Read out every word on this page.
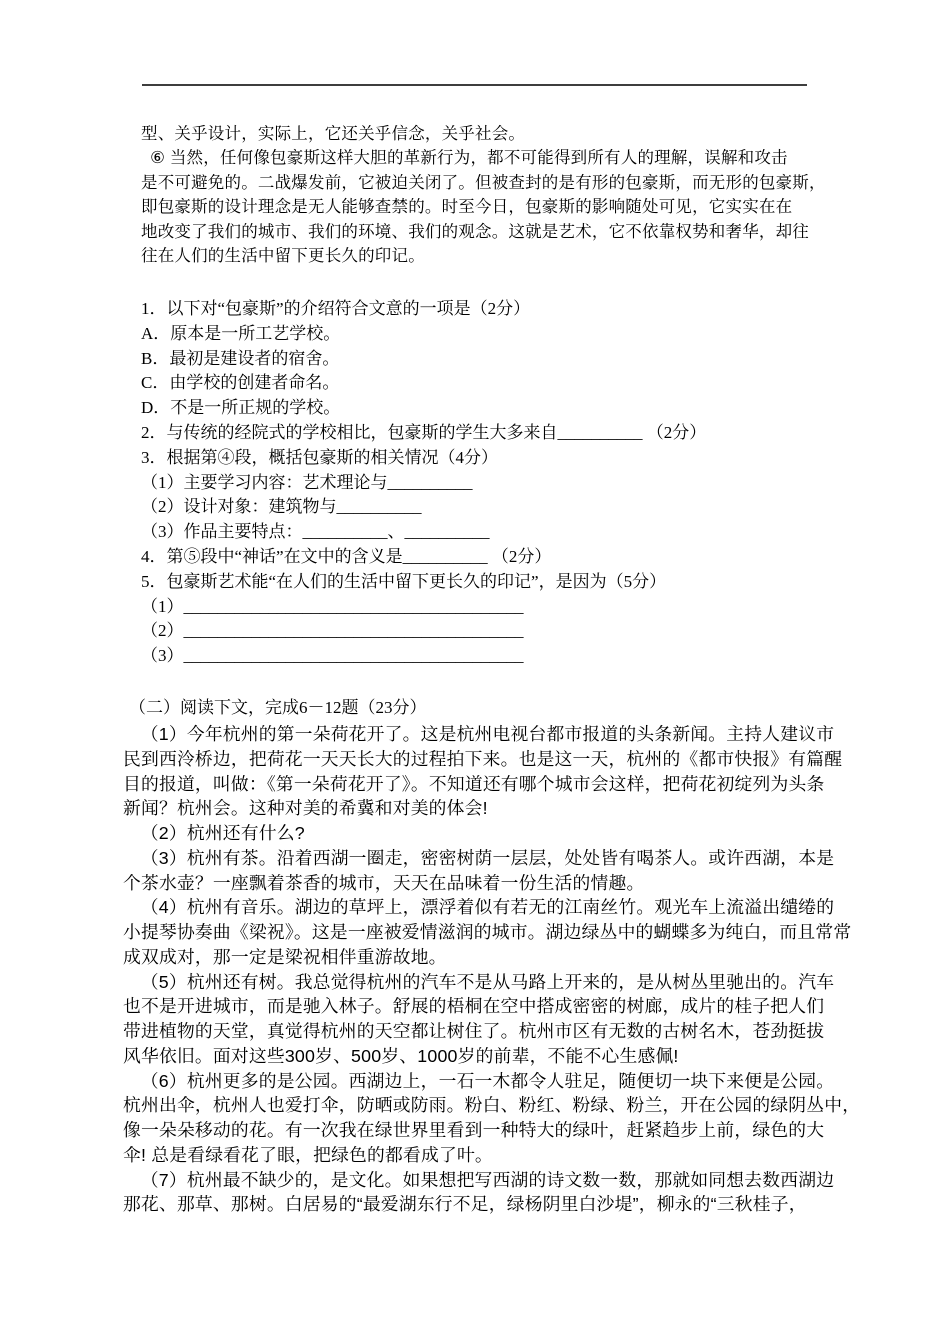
型、关乎设计，实际上，它还关乎信念，关乎社会。
⑥ 当然，任何像包豪斯这样大胆的革新行为，都不可能得到所有人的理解，误解和攻击
是不可避免的。二战爆发前，它被迫关闭了。但被查封的是有形的包豪斯，而无形的包豪斯，
即包豪斯的设计理念是无人能够查禁的。时至今日，包豪斯的影响随处可见，它实实在在
地改变了我们的城市、我们的环境、我们的观念。这就是艺术，它不依靠权势和奢华，却往
往在人们的生活中留下更长久的印记。
1．以下对“包豪斯”的介绍符合文意的一项是（2分）
A．原本是一所工艺学校。
B．最初是建设者的宿舍。
C．由学校的创建者命名。
D．不是一所正规的学校。
2．与传统的经院式的学校相比，包豪斯的学生大多来自__________ （2分）
3．根据第④段，概括包豪斯的相关情况（4分）
（1）主要学习内容：艺术理论与__________
（2）设计对象：建筑物与__________
（3）作品主要特点：__________、__________
4．第⑤段中“神话”在文中的含义是__________ （2分）
5．包豪斯艺术能“在人们的生活中留下更长久的印记”，是因为（5分）
（1）________________________________________
（2）________________________________________
（3）________________________________________
（二）阅读下文，完成6－12题（23分）
（1）今年杭州的第一朵荷花开了。这是杭州电视台都市报道的头条新闻。主持人建议市
民到西泠桥边，把荷花一天天长大的过程拍下来。也是这一天，杭州的《都市快报》有篇醒
目的报道，叫做：《第一朵荷花开了》。不知道还有哪个城市会这样，把荷花初绽列为头条
新闻？杭州会。这种对美的希冀和对美的体会!
（2）杭州还有什么?
（3）杭州有茶。沿着西湖一圈走，密密树荫一层层，处处皆有喝茶人。或许西湖，本是
个茶水壶？一座飘着茶香的城市，天天在品味着一份生活的情趣。
（4）杭州有音乐。湖边的草坪上，漂浮着似有若无的江南丝竹。观光车上流溢出缱绻的
小提琴协奏曲《梁祝》。这是一座被爱情滋润的城市。湖边绿丛中的蝴蝶多为纯白，而且常常
成双成对，那一定是梁祝相伴重游故地。
（5）杭州还有树。我总觉得杭州的汽车不是从马路上开来的，是从树丛里驰出的。汽车
也不是开进城市，而是驰入林子。舒展的梧桐在空中搭成密密的树廊，成片的桂子把人们
带进植物的天堂，真觉得杭州的天空都让树住了。杭州市区有无数的古树名木，苍劲挺拔
风华依旧。面对这些300岁、500岁、1000岁的前辈，不能不心生感佩!
（6）杭州更多的是公园。西湖边上，一石一木都令人驻足，随便切一块下来便是公园。
杭州出伞，杭州人也爱打伞，防晒或防雨。粉白、粉红、粉绿、粉兰，开在公园的绿阴丛中，
像一朵朵移动的花。有一次我在绿世界里看到一种特大的绿叶，赶紧趋步上前，绿色的大
伞! 总是看绿看花了眼，把绿色的都看成了叶。
（7）杭州最不缺少的，是文化。如果想把写西湖的诗文数一数，那就如同想去数西湖边
那花、那草、那树。白居易的“最爱湖东行不足，绿杨阴里白沙堤”，柳永的“三秋桂子，
